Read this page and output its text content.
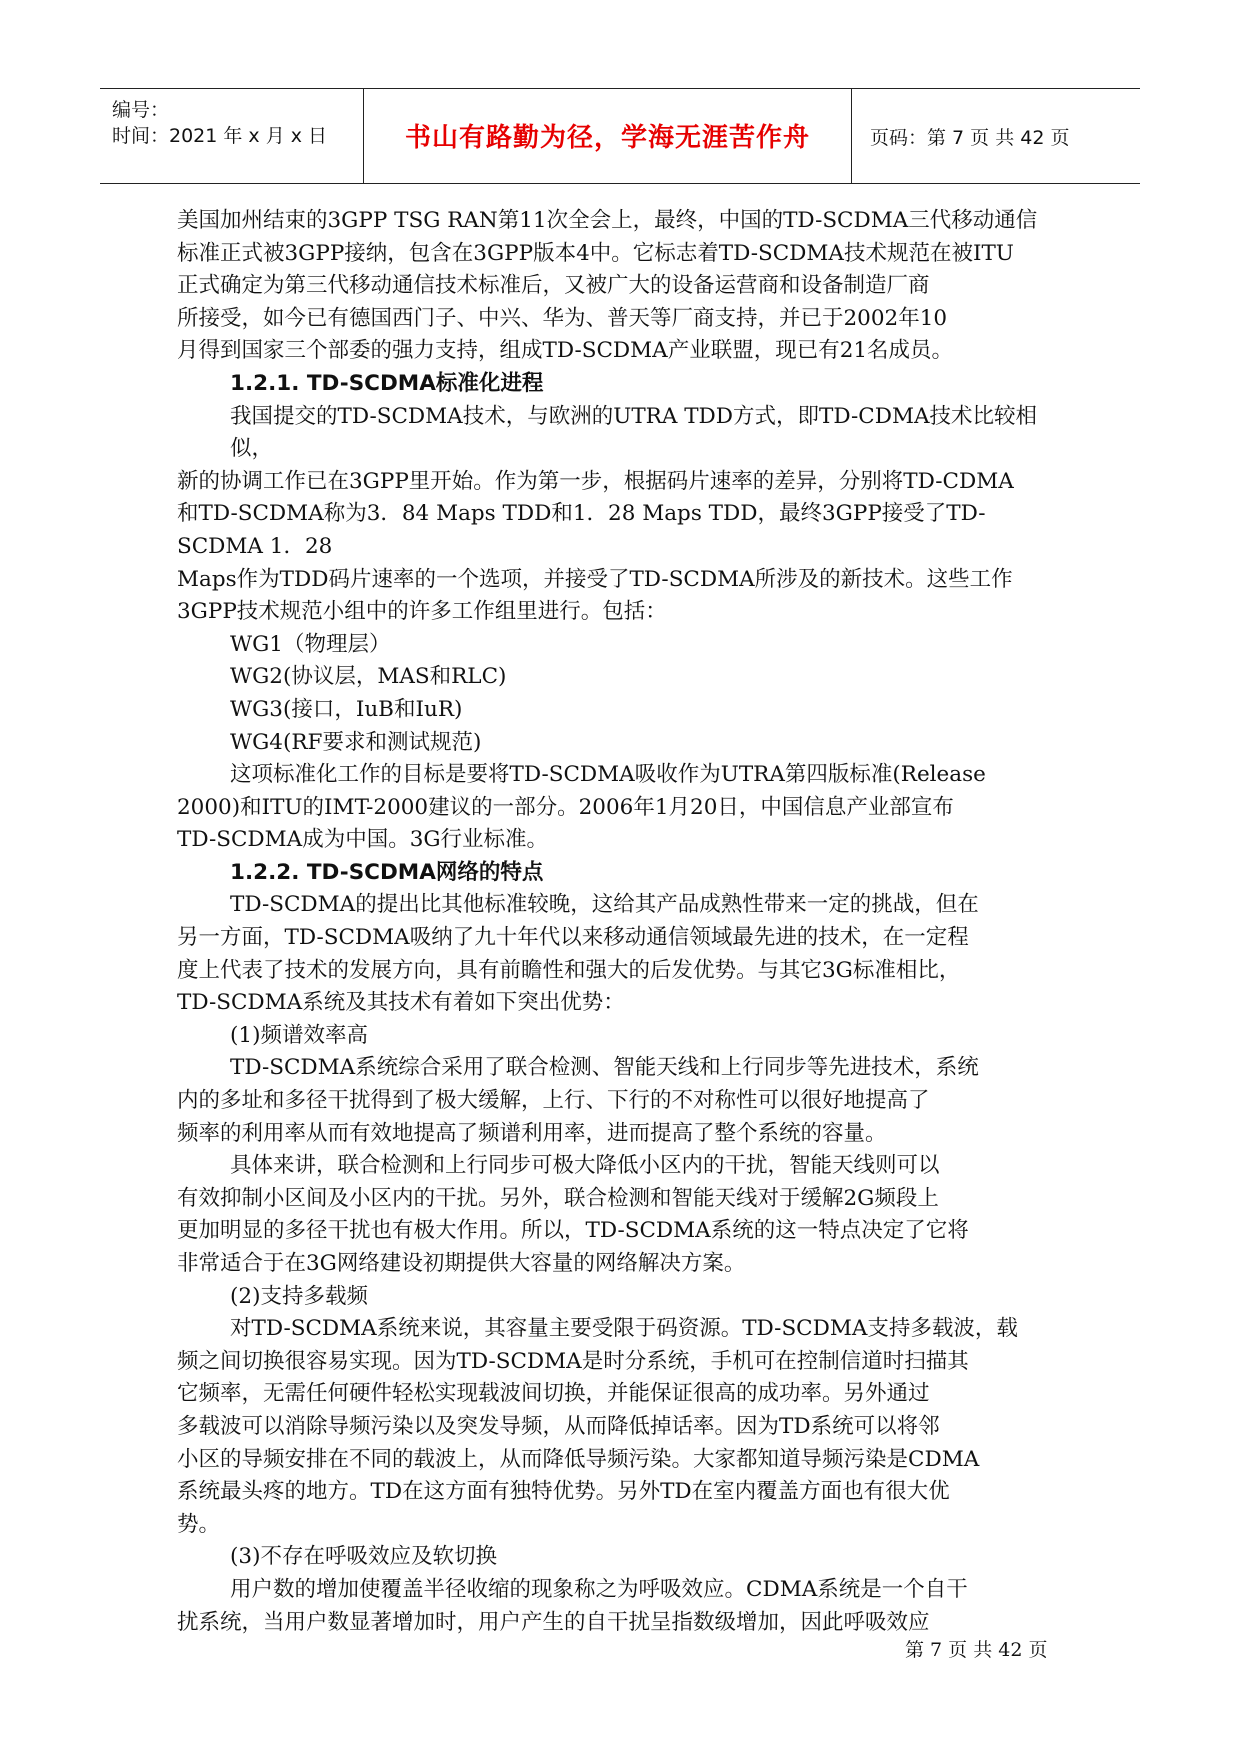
编号：
时间：2021 年 x 月 x 日	书山有路勤为径，学海无涯苦作舟	页码：第 7 页 共 42 页

美国加州结束的3GPP TSG RAN第11次全会上，最终，中国的TD-SCDMA三代移动通信

标准正式被3GPP接纳，包含在3GPP版本4中。它标志着TD-SCDMA技术规范在被ITU

正式确定为第三代移动通信技术标准后，又被广大的设备运营商和设备制造厂商

所接受，如今已有德国西门子、中兴、华为、普天等厂商支持，并已于2002年10

月得到国家三个部委的强力支持，组成TD-SCDMA产业联盟，现已有21名成员。

1.2.1. TD-SCDMA标准化进程

我国提交的TD-SCDMA技术，与欧洲的UTRA TDD方式，即TD-CDMA技术比较相似，

新的协调工作已在3GPP里开始。作为第一步，根据码片速率的差异，分别将TD-CDMA

和TD-SCDMA称为3．84 Maps TDD和1．28 Maps TDD，最终3GPP接受了TD-SCDMA 1．28

Maps作为TDD码片速率的一个选项，并接受了TD-SCDMA所涉及的新技术。这些工作

3GPP技术规范小组中的许多工作组里进行。包括：

WG1（物理层）

WG2(协议层，MAS和RLC)

WG3(接口，IuB和IuR)

WG4(RF要求和测试规范)

这项标准化工作的目标是要将TD-SCDMA吸收作为UTRA第四版标准(Release

2000)和ITU的IMT-2000建议的一部分。2006年1月20日，中国信息产业部宣布

TD-SCDMA成为中国。3G行业标准。

1.2.2. TD-SCDMA网络的特点

TD-SCDMA的提出比其他标准较晚，这给其产品成熟性带来一定的挑战，但在

另一方面，TD-SCDMA吸纳了九十年代以来移动通信领域最先进的技术，在一定程

度上代表了技术的发展方向，具有前瞻性和强大的后发优势。与其它3G标准相比，

TD-SCDMA系统及其技术有着如下突出优势：

(1)频谱效率高

TD-SCDMA系统综合采用了联合检测、智能天线和上行同步等先进技术，系统

内的多址和多径干扰得到了极大缓解，上行、下行的不对称性可以很好地提高了

频率的利用率从而有效地提高了频谱利用率，进而提高了整个系统的容量。

具体来讲，联合检测和上行同步可极大降低小区内的干扰，智能天线则可以

有效抑制小区间及小区内的干扰。另外，联合检测和智能天线对于缓解2G频段上

更加明显的多径干扰也有极大作用。所以，TD-SCDMA系统的这一特点决定了它将

非常适合于在3G网络建设初期提供大容量的网络解决方案。

(2)支持多载频

对TD-SCDMA系统来说，其容量主要受限于码资源。TD-SCDMA支持多载波，载

频之间切换很容易实现。因为TD-SCDMA是时分系统，手机可在控制信道时扫描其

它频率，无需任何硬件轻松实现载波间切换，并能保证很高的成功率。另外通过

多载波可以消除导频污染以及突发导频，从而降低掉话率。因为TD系统可以将邻

小区的导频安排在不同的载波上，从而降低导频污染。大家都知道导频污染是CDMA

系统最头疼的地方。TD在这方面有独特优势。另外TD在室内覆盖方面也有很大优

势。

(3)不存在呼吸效应及软切换

用户数的增加使覆盖半径收缩的现象称之为呼吸效应。CDMA系统是一个自干

扰系统，当用户数显著增加时，用户产生的自干扰呈指数级增加，因此呼吸效应

第 7 页 共 42 页
